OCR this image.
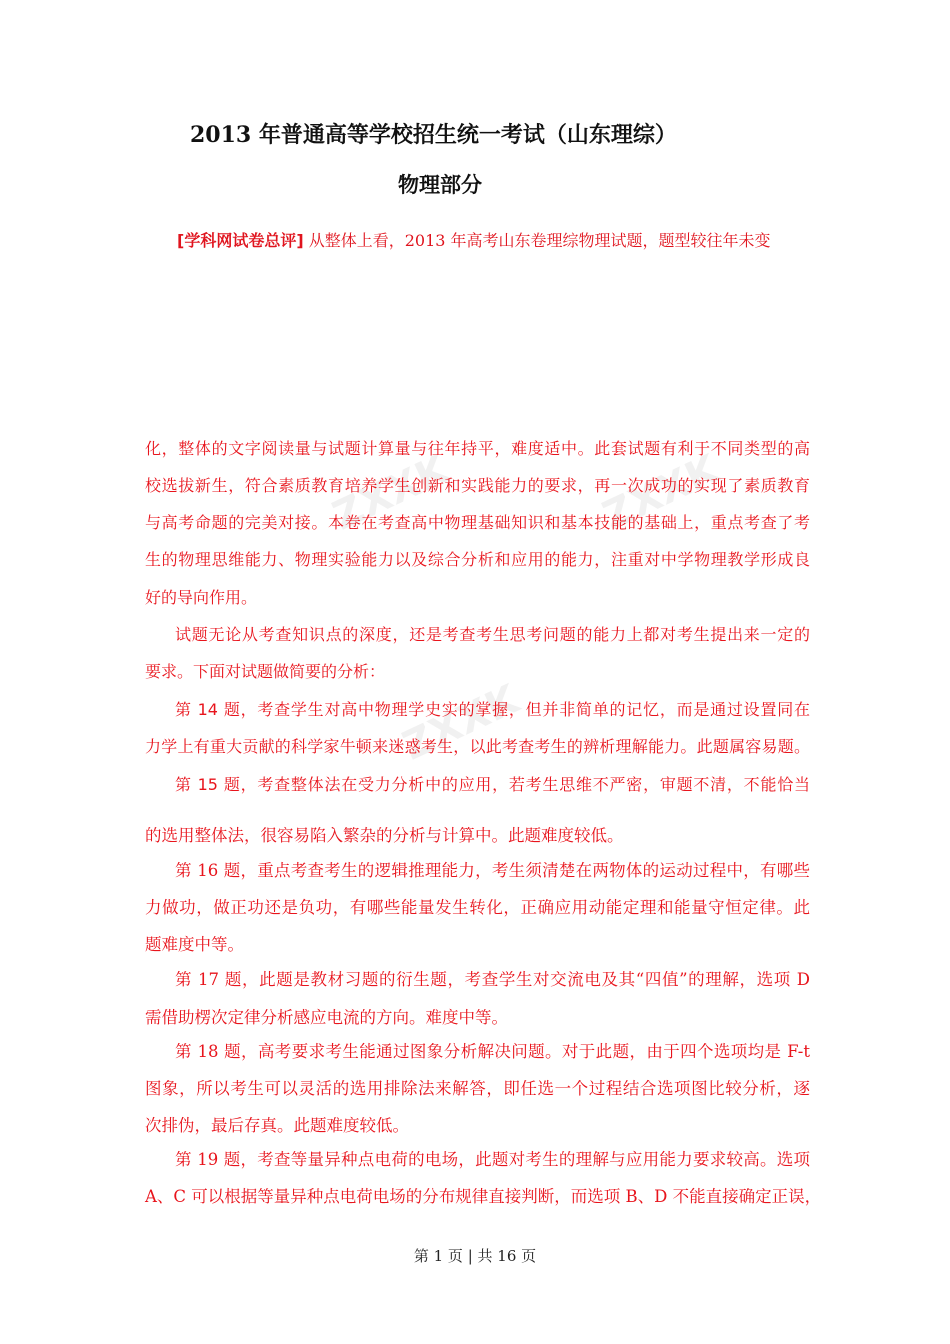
ZXXK	ZXXK
ZXXK
2013 年普通高等学校招生统一考试（山东理综）
物理部分
[学科网试卷总评] 从整体上看，2013 年高考山东卷理综物理试题，题型较往年未变
化，整体的文字阅读量与试题计算量与往年持平，难度适中。此套试题有利于不同类型的高
校选拔新生，符合素质教育培养学生创新和实践能力的要求，再一次成功的实现了素质教育
与高考命题的完美对接。本卷在考查高中物理基础知识和基本技能的基础上，重点考查了考
生的物理思维能力、物理实验能力以及综合分析和应用的能力，注重对中学物理教学形成良
好的导向作用。
试题无论从考查知识点的深度，还是考查考生思考问题的能力上都对考生提出来一定的
要求。下面对试题做简要的分析：
第 14 题，考查学生对高中物理学史实的掌握，但并非简单的记忆，而是通过设置同在
力学上有重大贡献的科学家牛顿来迷惑考生，以此考查考生的辨析理解能力。此题属容易题。
第 15 题，考查整体法在受力分析中的应用，若考生思维不严密，审题不清，不能恰当
的选用整体法，很容易陷入繁杂的分析与计算中。此题难度较低。
第 16 题，重点考查考生的逻辑推理能力，考生须清楚在两物体的运动过程中，有哪些
力做功，做正功还是负功，有哪些能量发生转化，正确应用动能定理和能量守恒定律。此
题难度中等。
第 17 题，此题是教材习题的衍生题，考查学生对交流电及其“四值”的理解，选项 D
需借助楞次定律分析感应电流的方向。难度中等。
第 18 题，高考要求考生能通过图象分析解决问题。对于此题，由于四个选项均是 F-t
图象，所以考生可以灵活的选用排除法来解答，即任选一个过程结合选项图比较分析，逐
次排伪，最后存真。此题难度较低。
第 19 题，考查等量异种点电荷的电场，此题对考生的理解与应用能力要求较高。选项
A、C 可以根据等量异种点电荷电场的分布规律直接判断，而选项 B、D 不能直接确定正误，
第 1 页 | 共 16 页
